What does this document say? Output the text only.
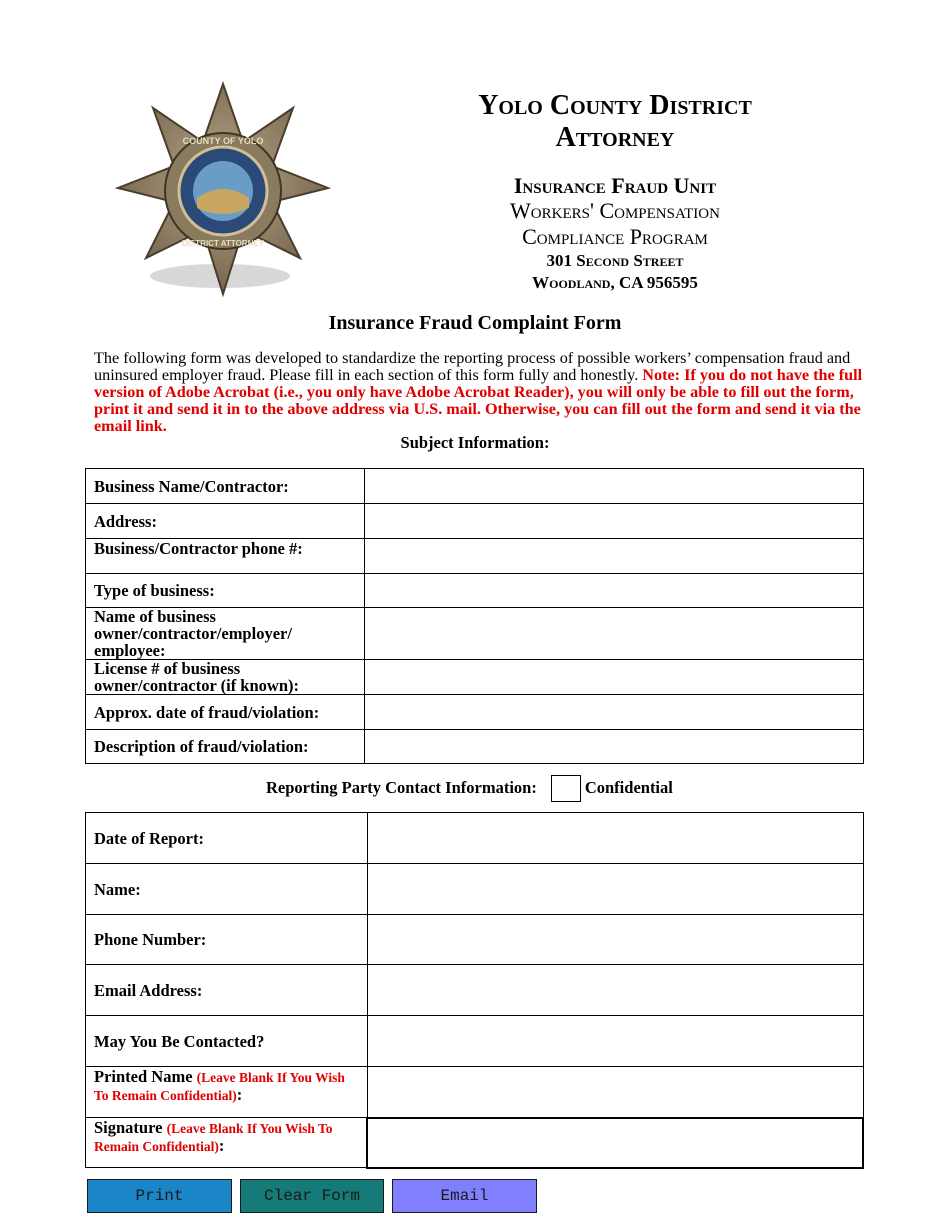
COUNTY OF YOLO
DISTRICT ATTORNEY
Yolo County District
Attorney
Insurance Fraud Unit
Workers' Compensation
Compliance Program
301 Second Street
Woodland, CA 956595
Insurance Fraud Complaint Form
The following form was developed to standardize the reporting process of possible workers’ compensation fraud and uninsured employer fraud. Please fill in each section of this form fully and honestly. Note: If you do not have the full version of Adobe Acrobat (i.e., you only have Adobe Acrobat Reader), you will only be able to fill out the form, print it and send it in to the above address via U.S. mail. Otherwise, you can fill out the form and send it via the email link.
Subject Information:
Business Name/Contractor:	
Address:	
Business/Contractor phone #:	
Type of business:	
Name of business owner/contractor/employer/ employee:	
License # of business owner/contractor (if known):	
Approx. date of fraud/violation:	
Description of fraud/violation:	
Reporting Party Contact Information:	Confidential
Date of Report:	
Name:	
Phone Number:	
Email Address:	
May You Be Contacted?	
Printed Name (Leave Blank If You Wish To Remain Confidential):	
Signature (Leave Blank If You Wish To Remain Confidential):	
Print	Clear Form	Email
